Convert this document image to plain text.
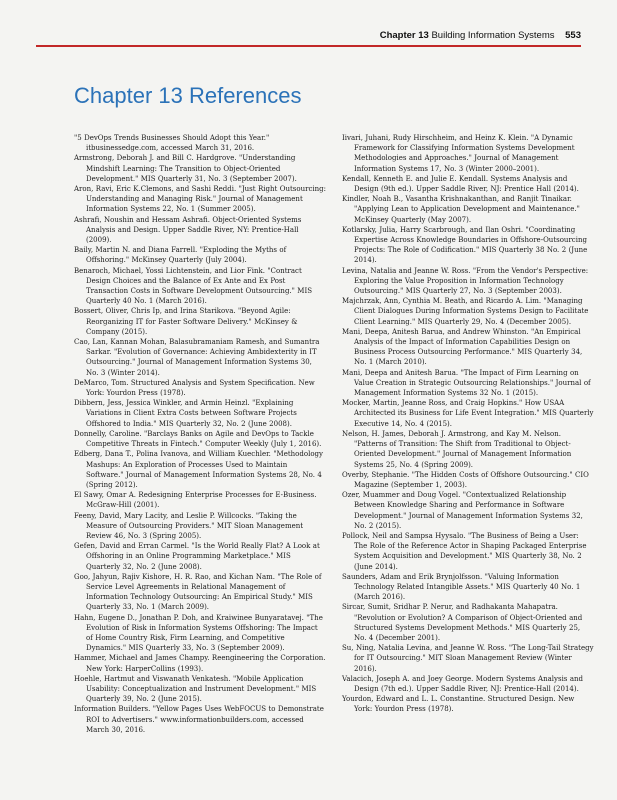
Chapter 13 Building Information Systems 553
Chapter 13 References

"5 DevOps Trends Businesses Should Adopt this Year." itbusinessedge.com, accessed March 31, 2016.

Armstrong, Deborah J. and Bill C. Hardgrove. "Understanding Mindshift Learning: The Transition to Object-Oriented Development." MIS Quarterly 31, No. 3 (September 2007).

Aron, Ravi, Eric K.Clemons, and Sashi Reddi. "Just Right Outsourcing: Understanding and Managing Risk." Journal of Management Information Systems 22, No. 1 (Summer 2005).

Ashrafi, Noushin and Hessam Ashrafi. Object-Oriented Systems Analysis and Design. Upper Saddle River, NY: Prentice-Hall (2009).

Baily, Martin N. and Diana Farrell. "Exploding the Myths of Offshoring." McKinsey Quarterly (July 2004).

Benaroch, Michael, Yossi Lichtenstein, and Lior Fink. "Contract Design Choices and the Balance of Ex Ante and Ex Post Transaction Costs in Software Development Outsourcing." MIS Quarterly 40 No. 1 (March 2016).

Bossert, Oliver, Chris Ip, and Irina Starikova. "Beyond Agile: Reorganizing IT for Faster Software Delivery." McKinsey & Company (2015).

Cao, Lan, Kannan Mohan, Balasubramaniam Ramesh, and Sumantra Sarkar. "Evolution of Governance: Achieving Ambidexterity in IT Outsourcing." Journal of Management Information Systems 30, No. 3 (Winter 2014).

DeMarco, Tom. Structured Analysis and System Specification. New York: Yourdon Press (1978).

Dibbern, Jess, Jessica Winkler, and Armin Heinzl. "Explaining Variations in Client Extra Costs between Software Projects Offshored to India." MIS Quarterly 32, No. 2 (June 2008).

Donnelly, Caroline. "Barclays Banks on Agile and DevOps to Tackle Competitive Threats in Fintech." Computer Weekly (July 1, 2016).

Edberg, Dana T., Polina Ivanova, and William Kuechler. "Methodology Mashups: An Exploration of Processes Used to Maintain Software." Journal of Management Information Systems 28, No. 4 (Spring 2012).

El Sawy, Omar A. Redesigning Enterprise Processes for E-Business. McGraw-Hill (2001).

Feeny, David, Mary Lacity, and Leslie P. Willcocks. "Taking the Measure of Outsourcing Providers." MIT Sloan Management Review 46, No. 3 (Spring 2005).

Gefen, David and Erran Carmel. "Is the World Really Flat? A Look at Offshoring in an Online Programming Marketplace." MIS Quarterly 32, No. 2 (June 2008).

Goo, Jahyun, Rajiv Kishore, H. R. Rao, and Kichan Nam. "The Role of Service Level Agreements in Relational Management of Information Technology Outsourcing: An Empirical Study." MIS Quarterly 33, No. 1 (March 2009).

Hahn, Eugene D., Jonathan P. Doh, and Kraiwinee Bunyaratavej. "The Evolution of Risk in Information Systems Offshoring: The Impact of Home Country Risk, Firm Learning, and Competitive Dynamics." MIS Quarterly 33, No. 3 (September 2009).

Hammer, Michael and James Champy. Reengineering the Corporation. New York: HarperCollins (1993).

Hoehle, Hartmut and Viswanath Venkatesh. "Mobile Application Usability: Conceptualization and Instrument Development." MIS Quarterly 39, No. 2 (June 2015).

Information Builders. "Yellow Pages Uses WebFOCUS to Demonstrate ROI to Advertisers." www.informationbuilders.com, accessed March 30, 2016.

Iivari, Juhani, Rudy Hirschheim, and Heinz K. Klein. "A Dynamic Framework for Classifying Information Systems Development Methodologies and Approaches." Journal of Management Information Systems 17, No. 3 (Winter 2000–2001).

Kendall, Kenneth E. and Julie E. Kendall. Systems Analysis and Design (9th ed.). Upper Saddle River, NJ: Prentice Hall (2014).

Kindler, Noah B., Vasantha Krishnakanthan, and Ranjit Tinaikar. "Applying Lean to Application Development and Maintenance." McKinsey Quarterly (May 2007).

Kotlarsky, Julia, Harry Scarbrough, and Ilan Oshri. "Coordinating Expertise Across Knowledge Boundaries in Offshore-Outsourcing Projects: The Role of Codification." MIS Quarterly 38 No. 2 (June 2014).

Levina, Natalia and Jeanne W. Ross. "From the Vendor's Perspective: Exploring the Value Proposition in Information Technology Outsourcing." MIS Quarterly 27, No. 3 (September 2003).

Majchrzak, Ann, Cynthia M. Beath, and Ricardo A. Lim. "Managing Client Dialogues During Information Systems Design to Facilitate Client Learning." MIS Quarterly 29, No. 4 (December 2005).

Mani, Deepa, Anitesh Barua, and Andrew Whinston. "An Empirical Analysis of the Impact of Information Capabilities Design on Business Process Outsourcing Performance." MIS Quarterly 34, No. 1 (March 2010).

Mani, Deepa and Anitesh Barua. "The Impact of Firm Learning on Value Creation in Strategic Outsourcing Relationships." Journal of Management Information Systems 32 No. 1 (2015).

Mocker, Martin, Jeanne Ross, and Craig Hopkins." How USAA Architected its Business for Life Event Integration." MIS Quarterly Executive 14, No. 4 (2015).

Nelson, H. James, Deborah J. Armstrong, and Kay M. Nelson. "Patterns of Transition: The Shift from Traditional to Object-Oriented Development." Journal of Management Information Systems 25, No. 4 (Spring 2009).

Overby, Stephanie. "The Hidden Costs of Offshore Outsourcing." CIO Magazine (September 1, 2003).

Ozer, Muammer and Doug Vogel. "Contextualized Relationship Between Knowledge Sharing and Performance in Software Development." Journal of Management Information Systems 32, No. 2 (2015).

Pollock, Neil and Sampsa Hyysalo. "The Business of Being a User: The Role of the Reference Actor in Shaping Packaged Enterprise System Acquisition and Development." MIS Quarterly 38, No. 2 (June 2014).

Saunders, Adam and Erik Brynjolfsson. "Valuing Information Technology Related Intangible Assets." MIS Quarterly 40 No. 1 (March 2016).

Sircar, Sumit, Sridhar P. Nerur, and Radhakanta Mahapatra. "Revolution or Evolution? A Comparison of Object-Oriented and Structured Systems Development Methods." MIS Quarterly 25, No. 4 (December 2001).

Su, Ning, Natalia Levina, and Jeanne W. Ross. "The Long-Tail Strategy for IT Outsourcing." MIT Sloan Management Review (Winter 2016).

Valacich, Joseph A. and Joey George. Modern Systems Analysis and Design (7th ed.). Upper Saddle River, NJ: Prentice-Hall (2014).

Yourdon, Edward and L. L. Constantine. Structured Design. New York: Yourdon Press (1978).
